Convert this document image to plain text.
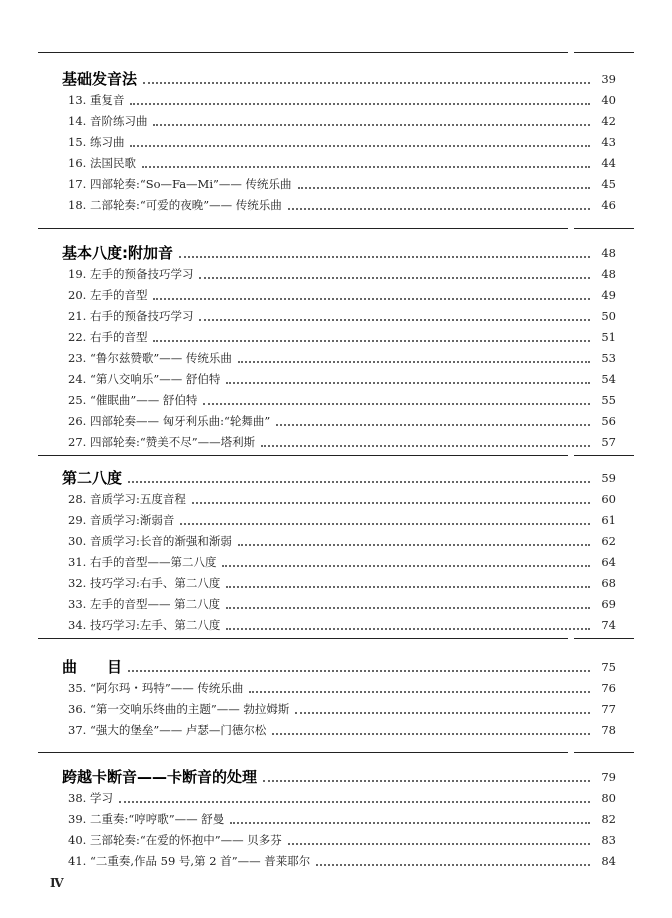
基础发音法	39
13. 重复音	40
14. 音阶练习曲	42
15. 练习曲	43
16. 法国民歌	44
17. 四部轮奏:“So—Fa—Mi”—— 传统乐曲	45
18. 二部轮奏:“可爱的夜晚”—— 传统乐曲	46
基本八度:附加音	48
19. 左手的预备技巧学习	48
20. 左手的音型	49
21. 右手的预备技巧学习	50
22. 右手的音型	51
23. “鲁尔兹赞歌”—— 传统乐曲	53
24. “第八交响乐”—— 舒伯特	54
25. “催眠曲”—— 舒伯特	55
26. 四部轮奏—— 匈牙利乐曲:“轮舞曲”	56
27. 四部轮奏:“赞美不尽”——塔利斯	57
第二八度	59
28. 音质学习:五度音程	60
29. 音质学习:渐弱音	61
30. 音质学习:长音的渐强和渐弱	62
31. 右手的音型——第二八度	64
32. 技巧学习:右手、第二八度	68
33. 左手的音型—— 第二八度	69
34. 技巧学习:左手、第二八度	74
曲　　目	75
35. “阿尔玛・玛特”—— 传统乐曲	76
36. “第一交响乐终曲的主题”—— 勃拉姆斯	77
37. “强大的堡垒”—— 卢瑟—门德尔松	78
跨越卡断音——卡断音的处理	79
38. 学习	80
39. 二重奏:“哼哼歌”—— 舒曼	82
40. 三部轮奏:“在爱的怀抱中”—— 贝多芬	83
41. “二重奏,作品 59 号,第 2 首”—— 普莱耶尔	84
Ⅳ
